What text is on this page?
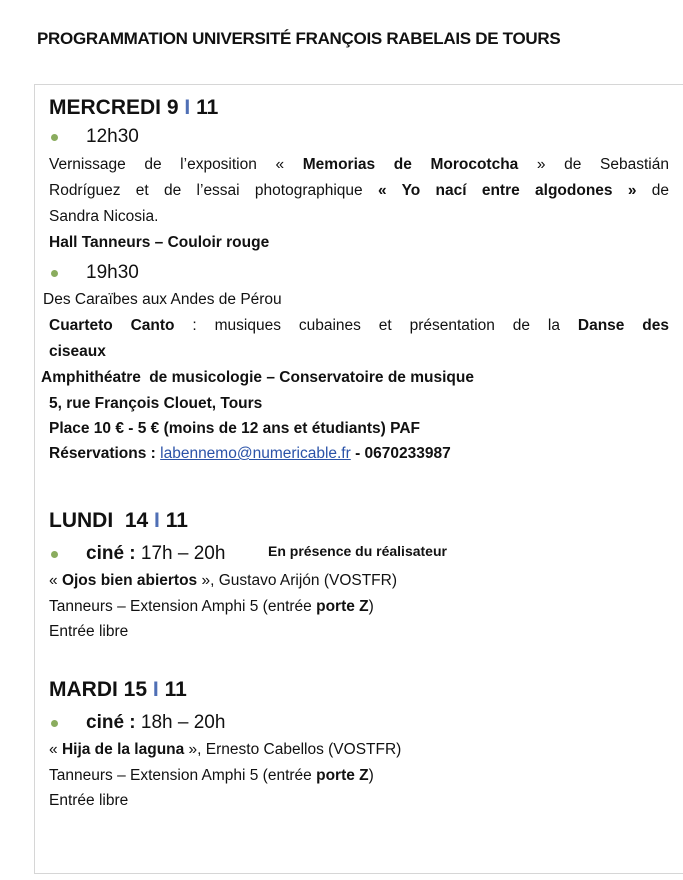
PROGRAMMATION UNIVERSITÉ FRANÇOIS RABELAIS DE TOURS
MERCREDI 9 I 11
12h30
Vernissage de l’exposition « Memorias de Morocotcha » de Sebastián
Rodríguez et de l’essai photographique « Yo nací entre algodones » de
Sandra Nicosia.
Hall Tanneurs – Couloir rouge
19h30
Des Caraïbes aux Andes de Pérou
Cuarteto Canto : musiques cubaines et présentation de la Danse des
ciseaux
Amphithéatre de musicologie – Conservatoire de musique
5, rue François Clouet, Tours
Place 10 € - 5 € (moins de 12 ans et étudiants) PAF
Réservations : labennemo@numericable.fr - 0670233987
LUNDI  14 I 11
ciné : 17h – 20h	En présence du réalisateur
« Ojos bien abiertos », Gustavo Arijón (VOSTFR)
Tanneurs – Extension Amphi 5 (entrée porte Z)
Entrée libre
MARDI 15 I 11
ciné : 18h – 20h
« Hija de la laguna », Ernesto Cabellos (VOSTFR)
Tanneurs – Extension Amphi 5 (entrée porte Z)
Entrée libre
